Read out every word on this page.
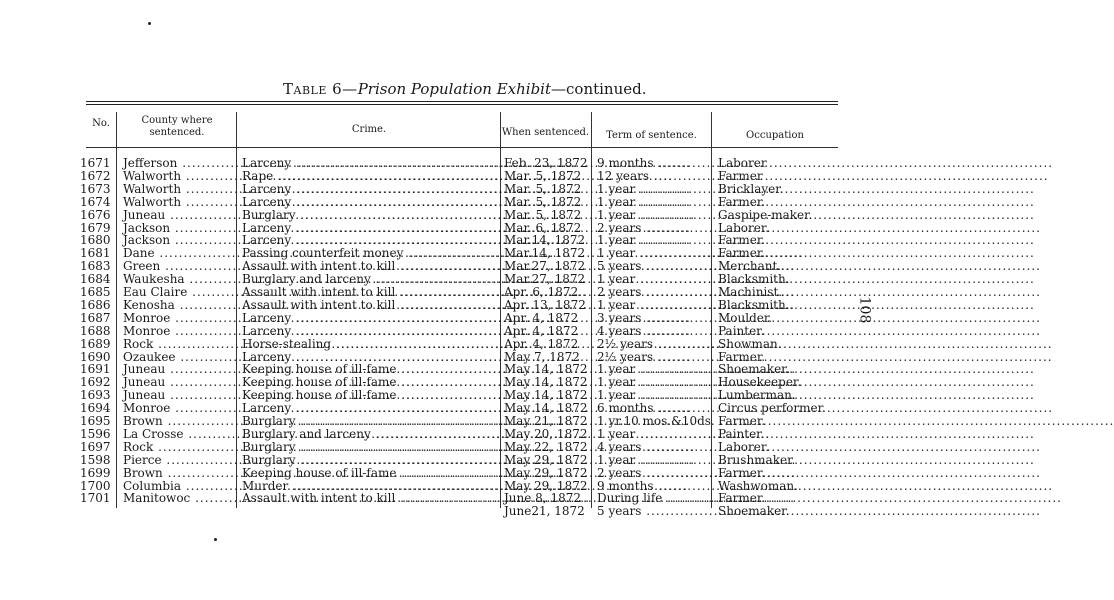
Table 6—Prison Population Exhibit—continued.
No.	County where
sentenced.	Crime.	When sentenced.	Term of sentence.	Occupation
1671 Jefferson .....	Larceny .....	Feb. 23, 1872 9 months .....	Laborer
1672 Walworth .....	Rape .....	Mar. 5, 1872	12 years .....	Farmer
1673 Walworth .....	Larceny .....	Mar. 5, 1872	1 year .....	Bricklayer.
1674 Walworth .....	Larceny .....	Mar. 5, 1872	1 year .....	Farmer.
1676 Juneau .....	Burglary .....	Mar. 5, 1872	1 year .....	Gaspipe-maker.
1679 Jackson .....	Larceny .....	Mar. 6, 1872	2 years .....	Laborer.
1680 Jackson .....	Larceny .....	Mar.14, 1872 1 year .....	Farmer.
1681 Dane .....	Passing counterfeit money .....	Mar.14, 1872 1 year .....	Farmer.
1683 Green .....	Assault with intent to kill .....	Mar.27, 1872 5 years .....	Merchant.
1684 Waukesha .....	Burglary and larceny .....	Mar.27, 1872 1 year .....	Blacksmith.
1685 Eau Claire .....	Assault with intent to kill .....	Apr. 6, 1872	2 years .....	Machinist.
1686 Kenosha .....	Assault with intent to kill .....	Apr. 13, 1872 1 year .....	Blacksmith.
1687 Monroe .....	Larceny .....	Apr. 4, 1872	3 years .....	Moulder.
1688 Monroe .....	Larceny .....	Apr. 4, 1872	4 years .....	Painter.
1689 Rock .....	Horse-stealing .....	Apr. 4, 1872	2½ years .....	Showman.
1690 Ozaukee .....	Larceny .....	May 7, 1872	2½ years .....	Farmer.
1691 Juneau .....	Keeping house of ill-fame .....	May 14, 1872 1 year .....	Shoemaker.
1692 Juneau .....	Keeping house of ill-fame .....	May 14, 1872 1 year .....	Housekeeper.
1693 Juneau .....	Keeping house of ill-fame .....	May 14, 1872 1 year .....	Lumberman.
1694 Monroe .....	Larceny .....	May 14, 1872 6 months .....	Circus performer.
1695 Brown .....	Burglary .....	May 21, 1872 1 yr.10 mos.&10ds. ..... Farmer.
1596 La Crosse .....	Burglary and larceny .....	May 20, 1872 1 year .....	Painter.
1697 Rock .....	Burglary .....	May 22, 1872 4 years .....	Laborer.
1598 Pierce .....	Burglary .....	May 29, 1872 1 year .....	Brushmaker.
1699 Brown .....	Keeping house of ill-fame .....	May 29, 1872 2 years .....	Farmer.
1700 Columbia .....	Murder .....	May 29, 1872 9 months .....	Washwoman.
1701 Manitowoc .....	Assault with intent to kill .....	June 8, 1872	During life .....	Farmer.
June21, 1872 5 years .....	Shoemaker.
108
